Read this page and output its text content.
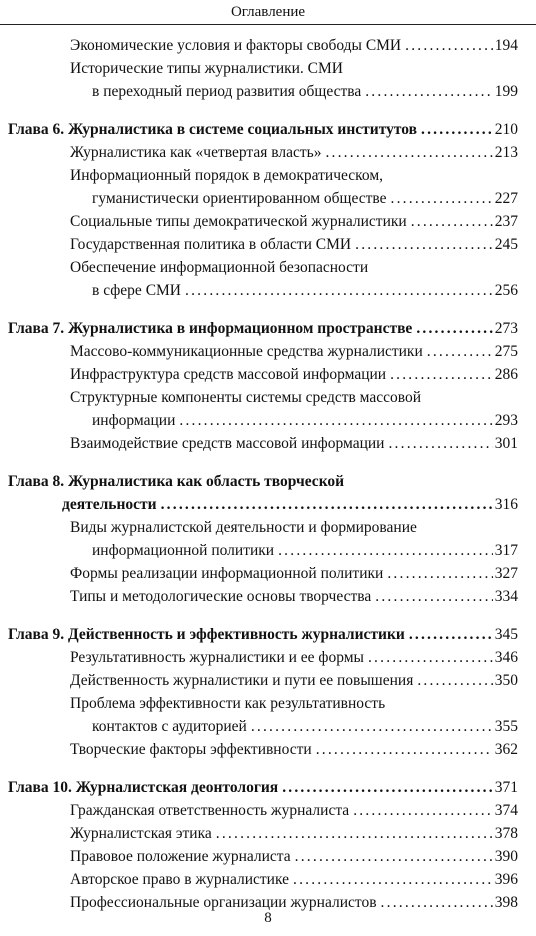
Оглавление
Экономические условия и факторы свободы СМИ .....	194
Исторические типы журналистики. СМИ
в переходный период развития общества .....	199
Глава 6. Журналистика в системе социальных институтов .....	210
Журналистика как «четвертая власть» .....	213
Информационный порядок в демократическом,
гуманистически ориентированном обществе .....	227
Социальные типы демократической журналистики .....	237
Государственная политика в области СМИ .....	245
Обеспечение информационной безопасности
в сфере СМИ .....	256
Глава 7. Журналистика в информационном пространстве .....	273
Массово-коммуникационные средства журналистики .....	275
Инфраструктура средств массовой информации .....	286
Структурные компоненты системы средств массовой
информации .....	293
Взаимодействие средств массовой информации .....	301
Глава 8. Журналистика как область творческой
деятельности .....	316
Виды журналистской деятельности и формирование
информационной политики .....	317
Формы реализации информационной политики .....	327
Типы и методологические основы творчества .....	334
Глава 9. Действенность и эффективность журналистики .....	345
Результативность журналистики и ее формы .....	346
Действенность журналистики и пути ее повышения .....	350
Проблема эффективности как результативность
контактов с аудиторией .....	355
Творческие факторы эффективности .....	362
Глава 10. Журналистская деонтология .....	371
Гражданская ответственность журналиста .....	374
Журналистская этика .....	378
Правовое положение журналиста .....	390
Авторское право в журналистике .....	396
Профессиональные организации журналистов .....	398
8
